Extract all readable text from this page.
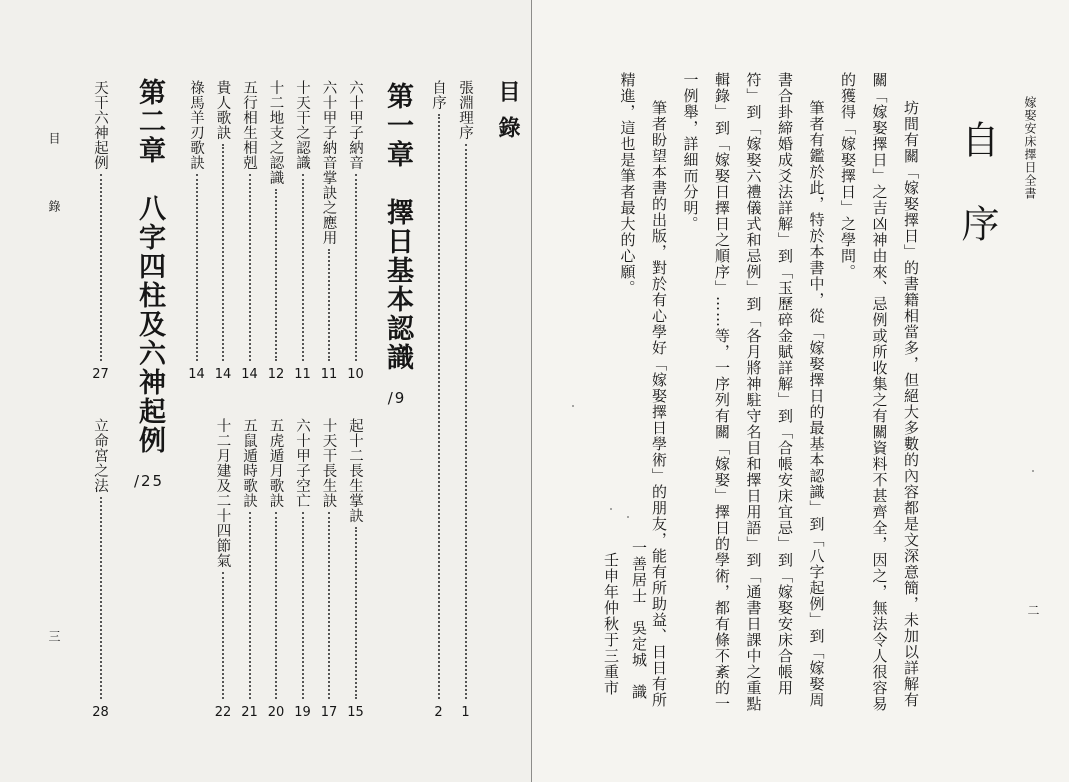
目　錄
三
目錄
張淵理序
1
自序
2
第一章　擇日基本認識 /9
六十甲子納音
10
六十甲子納音掌訣之應用
11
十天干之認識
11
十二地支之認識
12
五行相生相剋
14
貴人歌訣
14
祿馬羊刃歌訣
14
起十二長生掌訣
15
十天干長生訣
17
六十甲子空亡
19
五虎遁月歌訣
20
五鼠遁時歌訣
21
十二月建及二十四節氣
22
第二章　八字四柱及六神起例 /25
天干六神起例
27
立命宮之法
28
嫁娶安床擇日全書
二
自　序
坊間有關「嫁娶擇日」的書籍相當多，但絕大多數的內容都是文深意簡，未加以詳解有
關「嫁娶擇日」之吉凶神由來、忌例或所收集之有關資料不甚齊全，因之，無法令人很容易
的獲得「嫁娶擇日」之學問。
筆者有鑑於此，特於本書中，從「嫁娶擇日的最基本認識」到「八字起例」到「嫁娶周
書合卦締婚成爻法詳解」到「玉歷碎金賦詳解」到「合帳安床宜忌」到「嫁娶安床合帳用
符」到「嫁娶六禮儀式和忌例」到「各月將神駐守名目和擇日用語」到「通書日課中之重點
輯錄」到「嫁娶日擇日之順序」……等，一序列有關「嫁娶」擇日的學術，都有條不紊的一
一例舉，詳細而分明。
筆者盼望本書的出版，對於有心學好「嫁娶擇日學術」的朋友，能有所助益、日日有所
精進，這也是筆者最大的心願。
一善居士　吳定城　識
壬申年仲秋于三重市
